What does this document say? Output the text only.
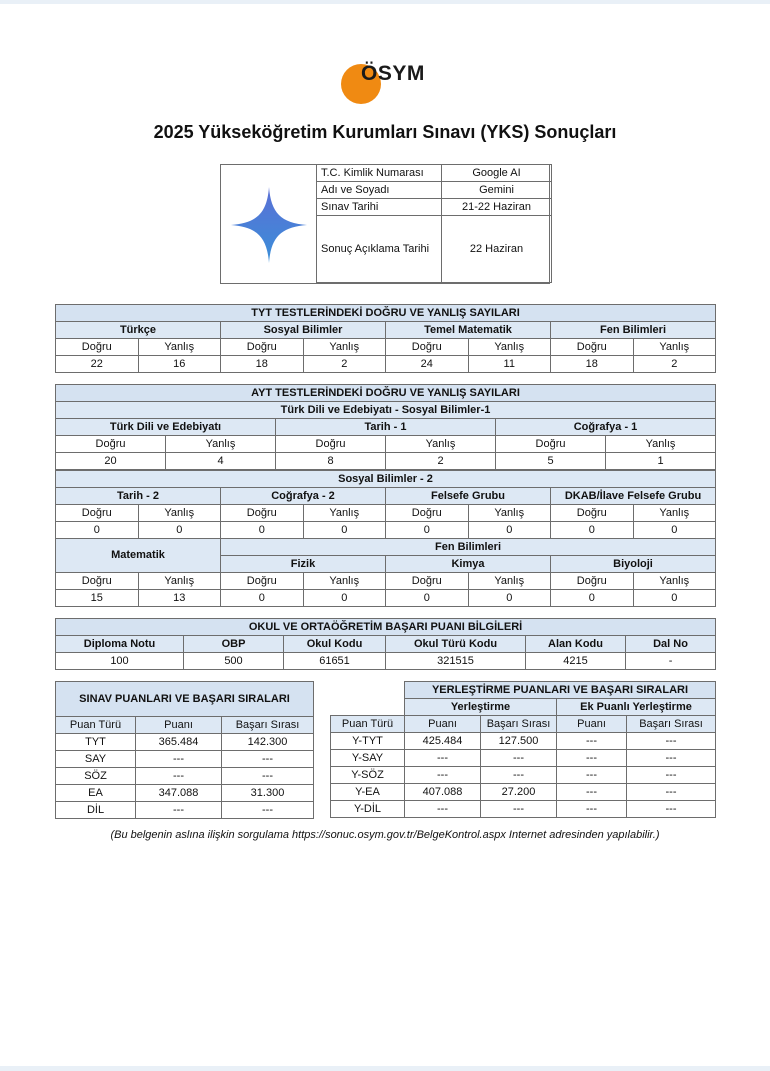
ÖSYM
2025 Yükseköğretim Kurumları Sınavı (YKS) Sonuçları
T.C. Kimlik Numarası	Google AI
Adı ve Soyadı	Gemini
Sınav Tarihi	21-22 Haziran
Sonuç Açıklama Tarihi	22 Haziran
TYT TESTLERİNDEKİ DOĞRU VE YANLIŞ SAYILARI							
Türkçe		Sosyal Bilimler		Temel Matematik		Fen Bilimleri	
Doğru	Yanlış	Doğru	Yanlış	Doğru	Yanlış	Doğru	Yanlış
22	16	18	2	24	11	18	2
AYT TESTLERİNDEKİ DOĞRU VE YANLIŞ SAYILARI					
Türk Dili ve Edebiyatı - Sosyal Bilimler-1					
Türk Dili ve Edebiyatı		Tarih - 1		Coğrafya - 1	
Doğru	Yanlış	Doğru	Yanlış	Doğru	Yanlış
20	4	8	2	5	1
Sosyal Bilimler - 2							
Tarih - 2		Coğrafya - 2		Felsefe Grubu		DKAB/İlave Felsefe Grubu	
Doğru	Yanlış	Doğru	Yanlış	Doğru	Yanlış	Doğru	Yanlış
0	0	0	0	0	0	0	0
Matematik		Fen Bilimleri					
		Fizik		Kimya		Biyoloji	
Doğru	Yanlış	Doğru	Yanlış	Doğru	Yanlış	Doğru	Yanlış
15	13	0	0	0	0	0	0
OKUL VE ORTAÖĞRETİM BAŞARI PUANI BİLGİLERİ					
Diploma Notu	OBP	Okul Kodu	Okul Türü Kodu	Alan Kodu	Dal No
100	500	61651	321515	4215	-
SINAV PUANLARI VE BAŞARI SIRALARI		
Puan Türü	Puanı	Başarı Sırası
TYT	365.484	142.300
SAY	---	---
SÖZ	---	---
EA	347.088	31.300
DİL	---	---
	YERLEŞTİRME PUANLARI VE BAŞARI SIRALARI			
	Yerleştirme		Ek Puanlı Yerleştirme	
Puan Türü	Puanı	Başarı Sırası	Puanı	Başarı Sırası
Y-TYT	425.484	127.500	---	---
Y-SAY	---	---	---	---
Y-SÖZ	---	---	---	---
Y-EA	407.088	27.200	---	---
Y-DİL	---	---	---	---
(Bu belgenin aslına ilişkin sorgulama https://sonuc.osym.gov.tr/BelgeKontrol.aspx Internet adresinden yapılabilir.)
